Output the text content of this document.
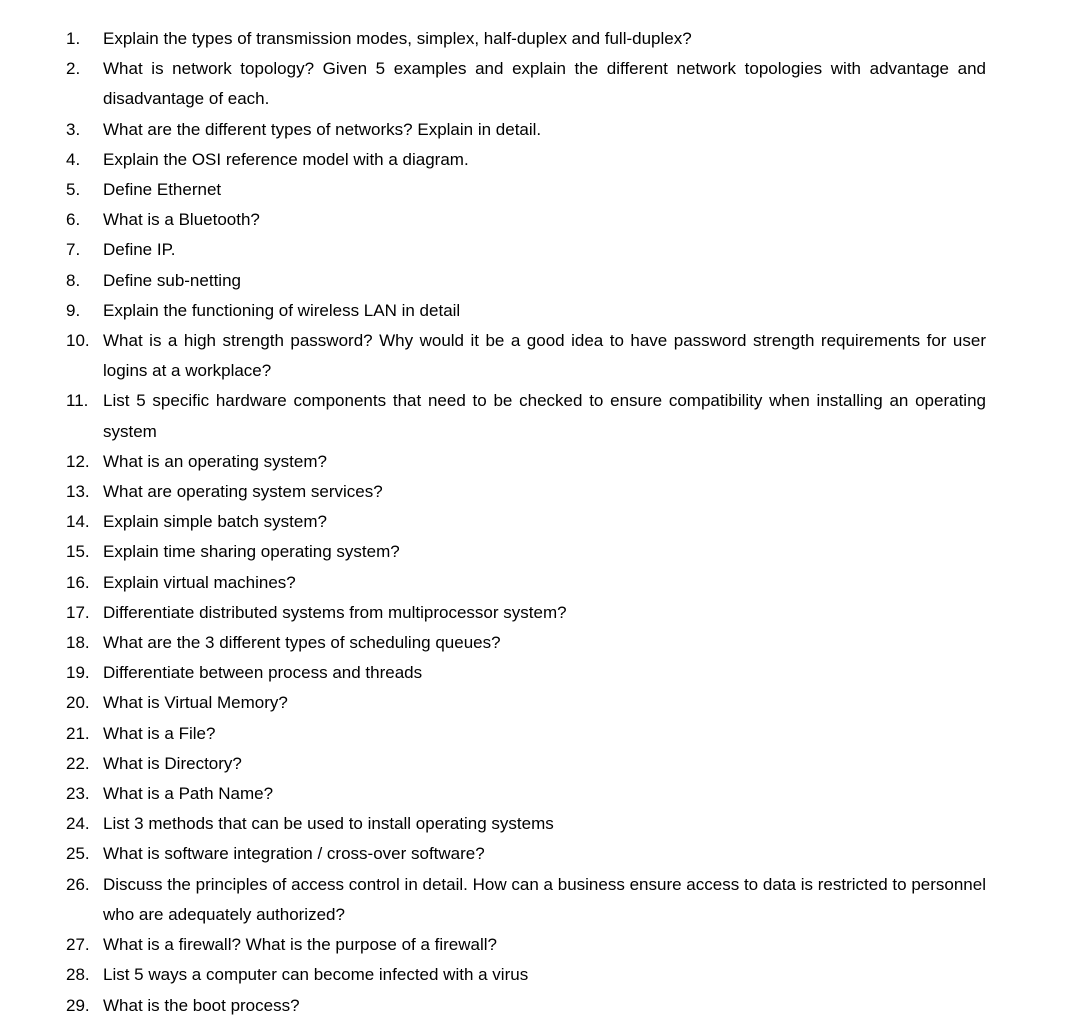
1.	Explain the types of transmission modes, simplex, half-duplex and full-duplex?
2.	What is network topology? Given 5 examples and explain the different network topologies with advantage and disadvantage of each.
3.	What are the different types of networks? Explain in detail.
4.	Explain the OSI reference model with a diagram.
5.	Define Ethernet
6.	What is a Bluetooth?
7.	Define IP.
8.	Define sub-netting
9.	Explain the functioning of wireless LAN in detail
10. What is a high strength password? Why would it be a good idea to have password strength requirements for user logins at a workplace?
11. List 5 specific hardware components that need to be checked to ensure compatibility when installing an operating system
12. What is an operating system?
13. What are operating system services?
14. Explain simple batch system?
15. Explain time sharing operating system?
16. Explain virtual machines?
17. Differentiate distributed systems from multiprocessor system?
18. What are the 3 different types of scheduling queues?
19. Differentiate between process and threads
20. What is Virtual Memory?
21. What is a File?
22. What is Directory?
23. What is a Path Name?
24. List 3 methods that can be used to install operating systems
25. What is software integration / cross-over software?
26. Discuss the principles of access control in detail. How can a business ensure access to data is restricted to personnel who are adequately authorized?
27. What is a firewall? What is the purpose of a firewall?
28. List 5 ways a computer can become infected with a virus
29. What is the boot process?
